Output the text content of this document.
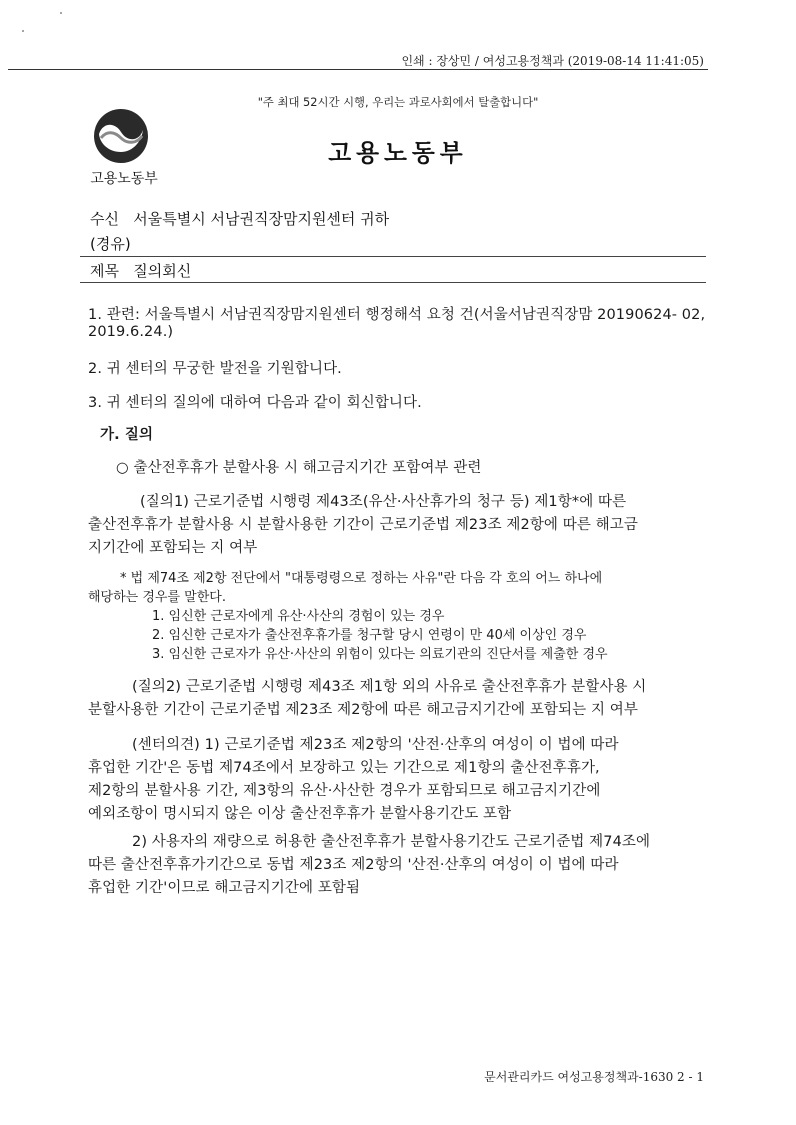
인쇄 : 장상민 / 여성고용정책과 (2019-08-14 11:41:05)
"주 최대 52시간 시행, 우리는 과로사회에서 탈출합니다"
고용노동부
고용노동부
수신 서울특별시 서남권직장맘지원센터 귀하
(경유)
제목 질의회신
1. 관련: 서울특별시 서남권직장맘지원센터 행정해석 요청 건(서울서남권직장맘 20190624- 02,
2019.6.24.)
2. 귀 센터의 무궁한 발전을 기원합니다.
3. 귀 센터의 질의에 대하여 다음과 같이 회신합니다.
가. 질의
○ 출산전후휴가 분할사용 시 해고금지기간 포함여부 관련
(질의1) 근로기준법 시행령 제43조(유산·사산휴가의 청구 등) 제1항*에 따른
출산전후휴가 분할사용 시 분할사용한 기간이 근로기준법 제23조 제2항에 따른 해고금
지기간에 포함되는 지 여부
* 법 제74조 제2항 전단에서 "대통령령으로 정하는 사유"란 다음 각 호의 어느 하나에
해당하는 경우를 말한다.
1. 임신한 근로자에게 유산·사산의 경험이 있는 경우
2. 임신한 근로자가 출산전후휴가를 청구할 당시 연령이 만 40세 이상인 경우
3. 임신한 근로자가 유산·사산의 위험이 있다는 의료기관의 진단서를 제출한 경우
(질의2) 근로기준법 시행령 제43조 제1항 외의 사유로 출산전후휴가 분할사용 시
분할사용한 기간이 근로기준법 제23조 제2항에 따른 해고금지기간에 포함되는 지 여부
(센터의견) 1) 근로기준법 제23조 제2항의 '산전·산후의 여성이 이 법에 따라
휴업한 기간'은 동법 제74조에서 보장하고 있는 기간으로 제1항의 출산전후휴가,
제2항의 분할사용 기간, 제3항의 유산·사산한 경우가 포함되므로 해고금지기간에
예외조항이 명시되지 않은 이상 출산전후휴가 분할사용기간도 포함
2) 사용자의 재량으로 허용한 출산전후휴가 분할사용기간도 근로기준법 제74조에
따른 출산전후휴가기간으로 동법 제23조 제2항의 '산전·산후의 여성이 이 법에 따라
휴업한 기간'이므로 해고금지기간에 포함됨
문서관리카드 여성고용정책과-1630 2 - 1
